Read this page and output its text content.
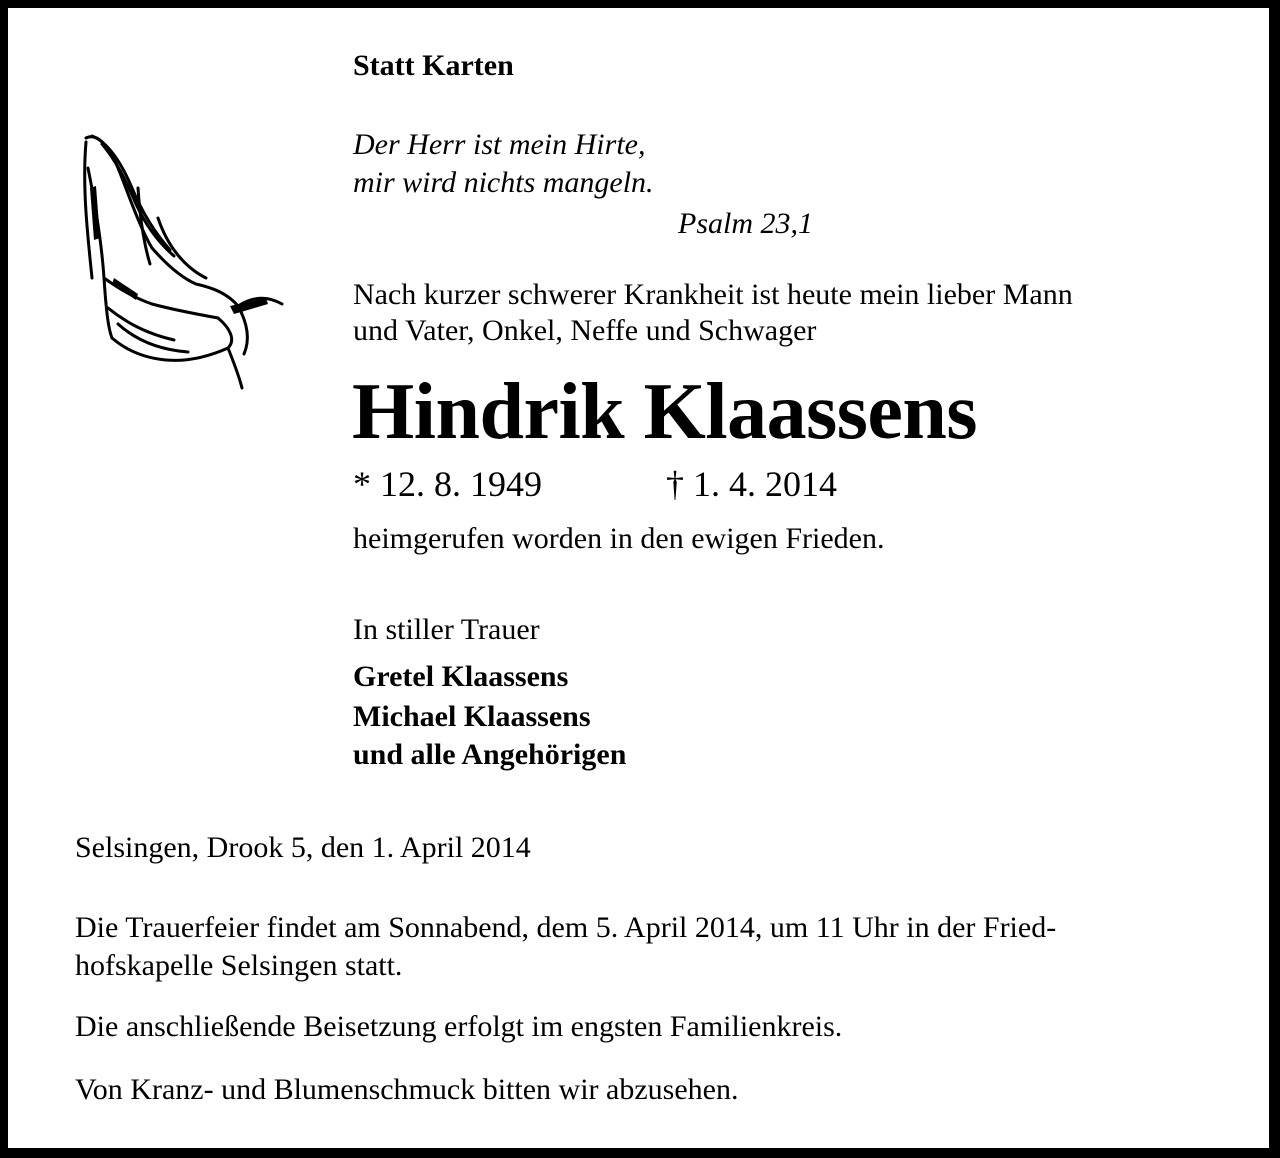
Statt Karten
Der Herr ist mein Hirte,
mir wird nichts mangeln.
Psalm 23,1
Nach kurzer schwerer Krankheit ist heute mein lieber Mann
und Vater, Onkel, Neffe und Schwager
Hindrik Klaassens
* 12. 8. 1949	† 1. 4. 2014
heimgerufen worden in den ewigen Frieden.
In stiller Trauer
Gretel Klaassens
Michael Klaassens
und alle Angehörigen
Selsingen, Drook 5, den 1. April 2014
Die Trauerfeier findet am Sonnabend, dem 5. April 2014, um 11 Uhr in der Fried-
hofskapelle Selsingen statt.
Die anschließende Beisetzung erfolgt im engsten Familienkreis.
Von Kranz- und Blumenschmuck bitten wir abzusehen.
